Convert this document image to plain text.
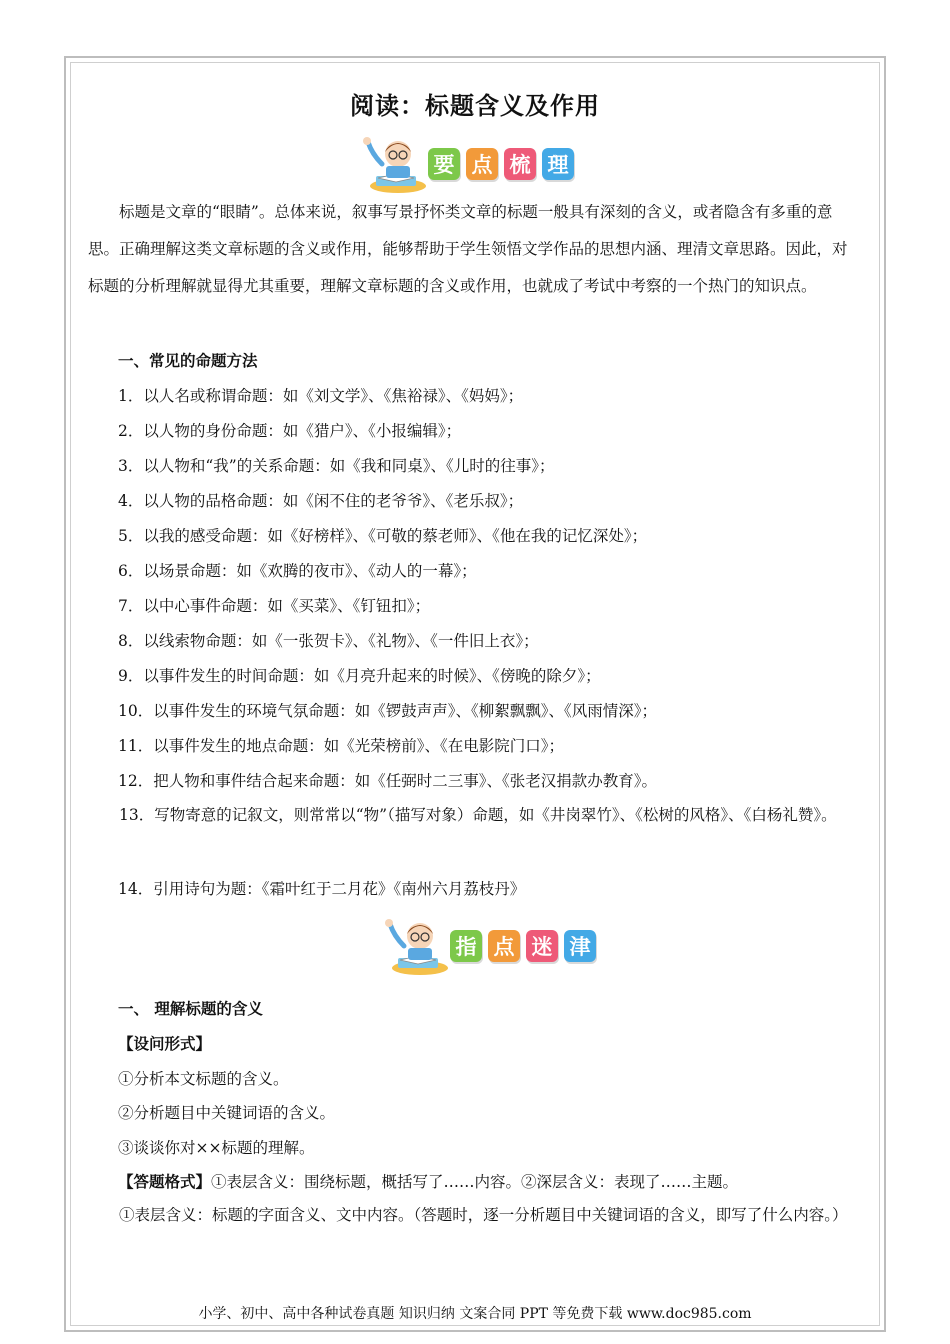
阅读：标题含义及作用
要 点 梳 理

标题是文章的“眼睛”。总体来说，叙事写景抒怀类文章的标题一般具有深刻的含义，或者隐含有多重的意思。正确理解这类文章标题的含义或作用，能够帮助于学生领悟文学作品的思想内涵、理清文章思路。因此，对标题的分析理解就显得尤其重要，理解文章标题的含义或作用，也就成了考试中考察的一个热门的知识点。

一、常见的命题方法
1．以人名或称谓命题：如《刘文学》、《焦裕禄》、《妈妈》；
2．以人物的身份命题：如《猎户》、《小报编辑》；
3．以人物和“我”的关系命题：如《我和同桌》、《儿时的往事》；
4．以人物的品格命题：如《闲不住的老爷爷》、《老乐叔》；
5．以我的感受命题：如《好榜样》、《可敬的蔡老师》、《他在我的记忆深处》；
6．以场景命题：如《欢腾的夜市》、《动人的一幕》；
7．以中心事件命题：如《买菜》、《钉钮扣》；
8．以线索物命题：如《一张贺卡》、《礼物》、《一件旧上衣》；
9．以事件发生的时间命题：如《月亮升起来的时候》、《傍晚的除夕》；
10．以事件发生的环境气氛命题：如《锣鼓声声》、《柳絮飘飘》、《风雨情深》；
11．以事件发生的地点命题：如《光荣榜前》、《在电影院门口》；
12．把人物和事件结合起来命题：如《任弼时二三事》、《张老汉捐款办教育》。

13．写物寄意的记叙文，则常常以“物”（描写对象）命题，如《井岗翠竹》、《松树的风格》、《白杨礼赞》。

14．引用诗句为题：《霜叶红于二月花》《南州六月荔枝丹》
指 点 迷 津
一、 理解标题的含义
【设问形式】
①分析本文标题的含义。
②分析题目中关键词语的含义。
③谈谈你对××标题的理解。
【答题格式】①表层含义：围绕标题，概括写了……内容。②深层含义：表现了……主题。

①表层含义：标题的字面含义、文中内容。（答题时，逐一分析题目中关键词语的含义，即写了什么内容。）

小学、初中、高中各种试卷真题 知识归纳 文案合同 PPT 等免费下载 www.doc985.com
